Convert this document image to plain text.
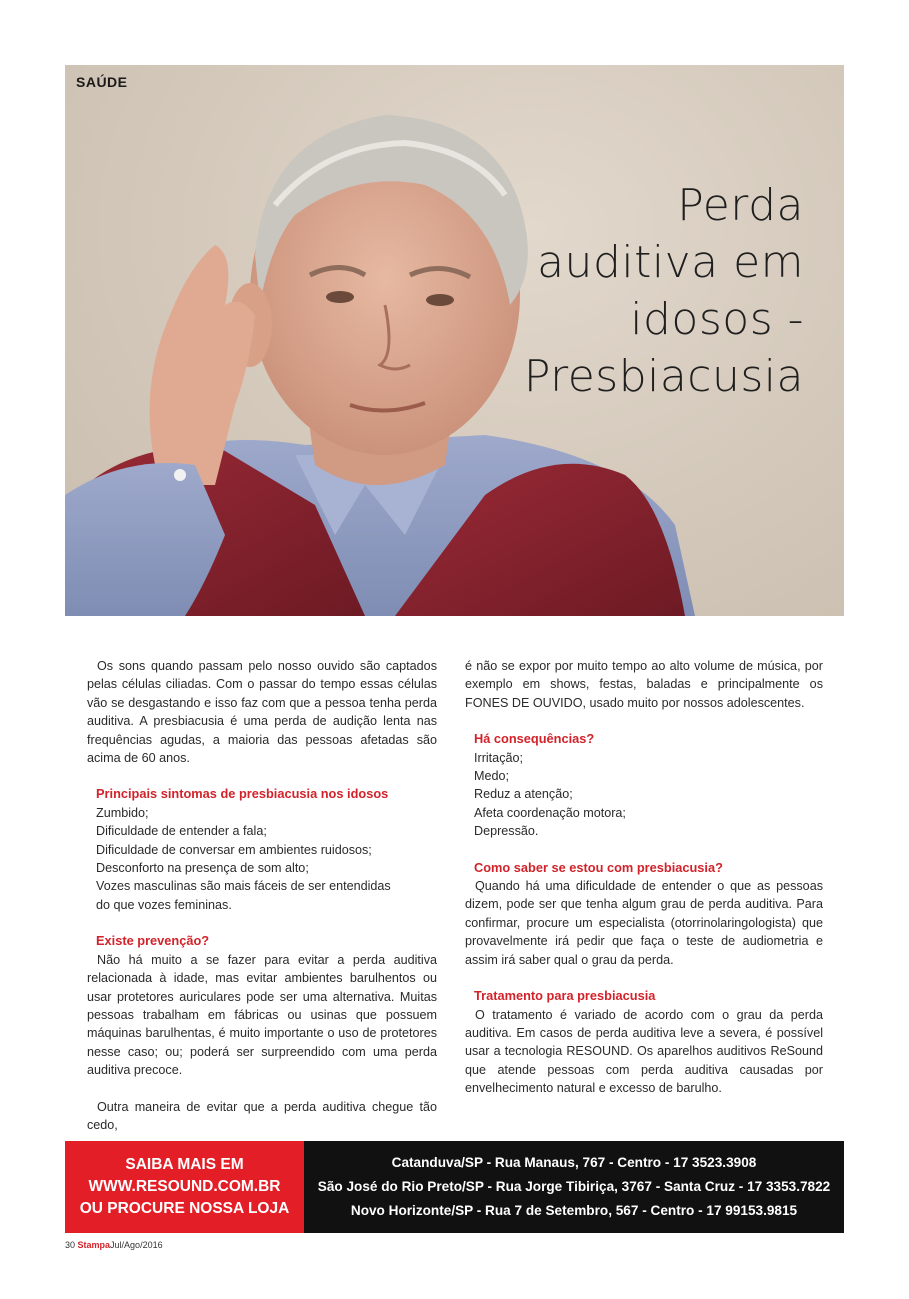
SAÚDE
Perda
auditiva em
idosos -
Presbiacusia

Os sons quando passam pelo nosso ouvido são captados pelas células ciliadas. Com o passar do tempo essas células vão se desgastando e isso faz com que a pessoa tenha perda auditiva. A presbiacusia é uma perda de audição lenta nas frequências agudas, a maioria das pessoas afetadas são acima de 60 anos.

Principais sintomas de presbiacusia nos idosos
Zumbido;
Dificuldade de entender a fala;
Dificuldade de conversar em ambientes ruidosos;
Desconforto na presença de som alto;
Vozes masculinas são mais fáceis de ser entendidas
do que vozes femininas.
Existe prevenção?

Não há muito a se fazer para evitar a perda auditiva relacionada à idade, mas evitar ambientes barulhentos ou usar protetores auriculares pode ser uma alternativa. Muitas pessoas trabalham em fábricas ou usinas que possuem máquinas barulhentas, é muito importante o uso de protetores nesse caso; ou; poderá ser surpreendido com uma perda auditiva precoce.

Outra maneira de evitar que a perda auditiva chegue tão cedo,

é não se expor por muito tempo ao alto volume de música, por exemplo em shows, festas, baladas e principalmente os FONES DE OUVIDO, usado muito por nossos adolescentes.

Há consequências?
Irritação;
Medo;
Reduz a atenção;
Afeta coordenação motora;
Depressão.
Como saber se estou com presbiacusia?

Quando há uma dificuldade de entender o que as pessoas dizem, pode ser que tenha algum grau de perda auditiva. Para confirmar, procure um especialista (otorrinolaringologista) que provavelmente irá pedir que faça o teste de audiometria e assim irá saber qual o grau da perda.

Tratamento para presbiacusia

O tratamento é variado de acordo com o grau da perda auditiva. Em casos de perda auditiva leve a severa, é possível usar a tecnologia RESOUND. Os aparelhos auditivos ReSound que atende pessoas com perda auditiva causadas por envelhecimento natural e excesso de barulho.

SAIBA MAIS EM
WWW.RESOUND.COM.BR
OU PROCURE NOSSA LOJA
Catanduva/SP - Rua Manaus, 767 - Centro - 17 3523.3908
São José do Rio Preto/SP - Rua Jorge Tibiriça, 3767 - Santa Cruz - 17 3353.7822
Novo Horizonte/SP - Rua 7 de Setembro, 567 - Centro - 17 99153.9815
30 StampaJul/Ago/2016
